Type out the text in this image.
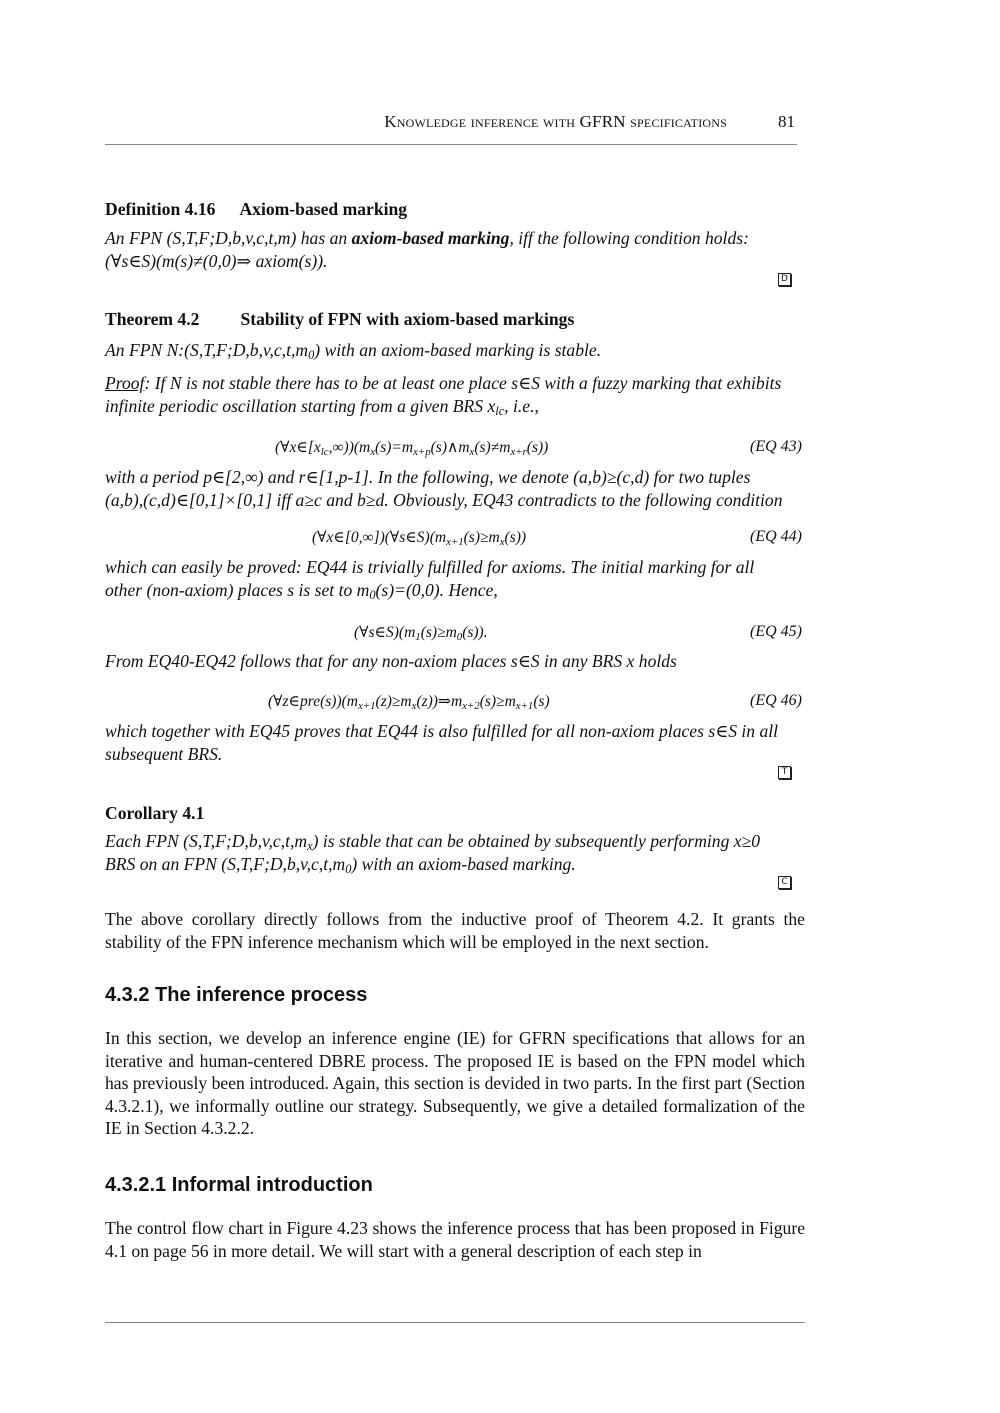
Knowledge inference with GFRN specifications	81
Definition 4.16 Axiom-based marking
An FPN (S,T,F;D,b,v,c,t,m) has an axiom-based marking, iff the following condition holds:
(∀s∈S)(m(s)≠(0,0)⇒ axiom(s)).
D
Theorem 4.2 Stability of FPN with axiom-based markings
An FPN $N:(S,T,F;D,b,v,c,t,m_0)$ with an axiom-based marking is stable.
Proof: If N is not stable there has to be at least one place s∈S with a fuzzy marking that exhibits
infinite periodic oscillation starting from a given BRS $x_{lc}$, i.e.,
$(\forall x\in[x_{lc},\infty))(m_x(s)=m_{x+p}(s)\wedge m_x(s)\ne m_{x+r}(s))$	(EQ 43)
with a period p∈[2,∞) and r∈[1,p-1]. In the following, we denote (a,b)≥(c,d) for two tuples
(a,b),(c,d)∈[0,1]×[0,1] iff a≥c and b≥d. Obviously, EQ43 contradicts to the following condition
$(\forall x\in[0,\infty])(\forall s\in S)(m_{x+1}(s)\ge m_x(s))$	(EQ 44)
which can easily be proved: EQ44 is trivially fulfilled for axioms. The initial marking for all
other (non-axiom) places s is set to $m_0(s)=(0,0)$. Hence,
$(\forall s\in S)(m_1(s)\ge m_0(s))$.	(EQ 45)
From EQ40-EQ42 follows that for any non-axiom places s∈S in any BRS x holds
$(\forall z\in pre(s))(m_{x+1}(z)\ge m_x(z))\Rightarrow m_{x+2}(s)\ge m_{x+1}(s)$	(EQ 46)
which together with EQ45 proves that EQ44 is also fulfilled for all non-axiom places s∈S in all
subsequent BRS.
T
Corollary 4.1
Each FPN $(S,T,F;D,b,v,c,t,m_x)$ is stable that can be obtained by subsequently performing x≥0
BRS on an FPN $(S,T,F;D,b,v,c,t,m_0)$ with an axiom-based marking.
C
The above corollary directly follows from the inductive proof of Theorem 4.2. It grants the stability of the FPN inference mechanism which will be employed in the next section.
4.3.2 The inference process
In this section, we develop an inference engine (IE) for GFRN specifications that allows for an iterative and human-centered DBRE process. The proposed IE is based on the FPN model which has previously been introduced. Again, this section is devided in two parts. In the first part (Section 4.3.2.1), we informally outline our strategy. Subsequently, we give a detailed formalization of the IE in Section 4.3.2.2.
4.3.2.1 Informal introduction
The control flow chart in Figure 4.23 shows the inference process that has been proposed in Figure 4.1 on page 56 in more detail. We will start with a general description of each step in
